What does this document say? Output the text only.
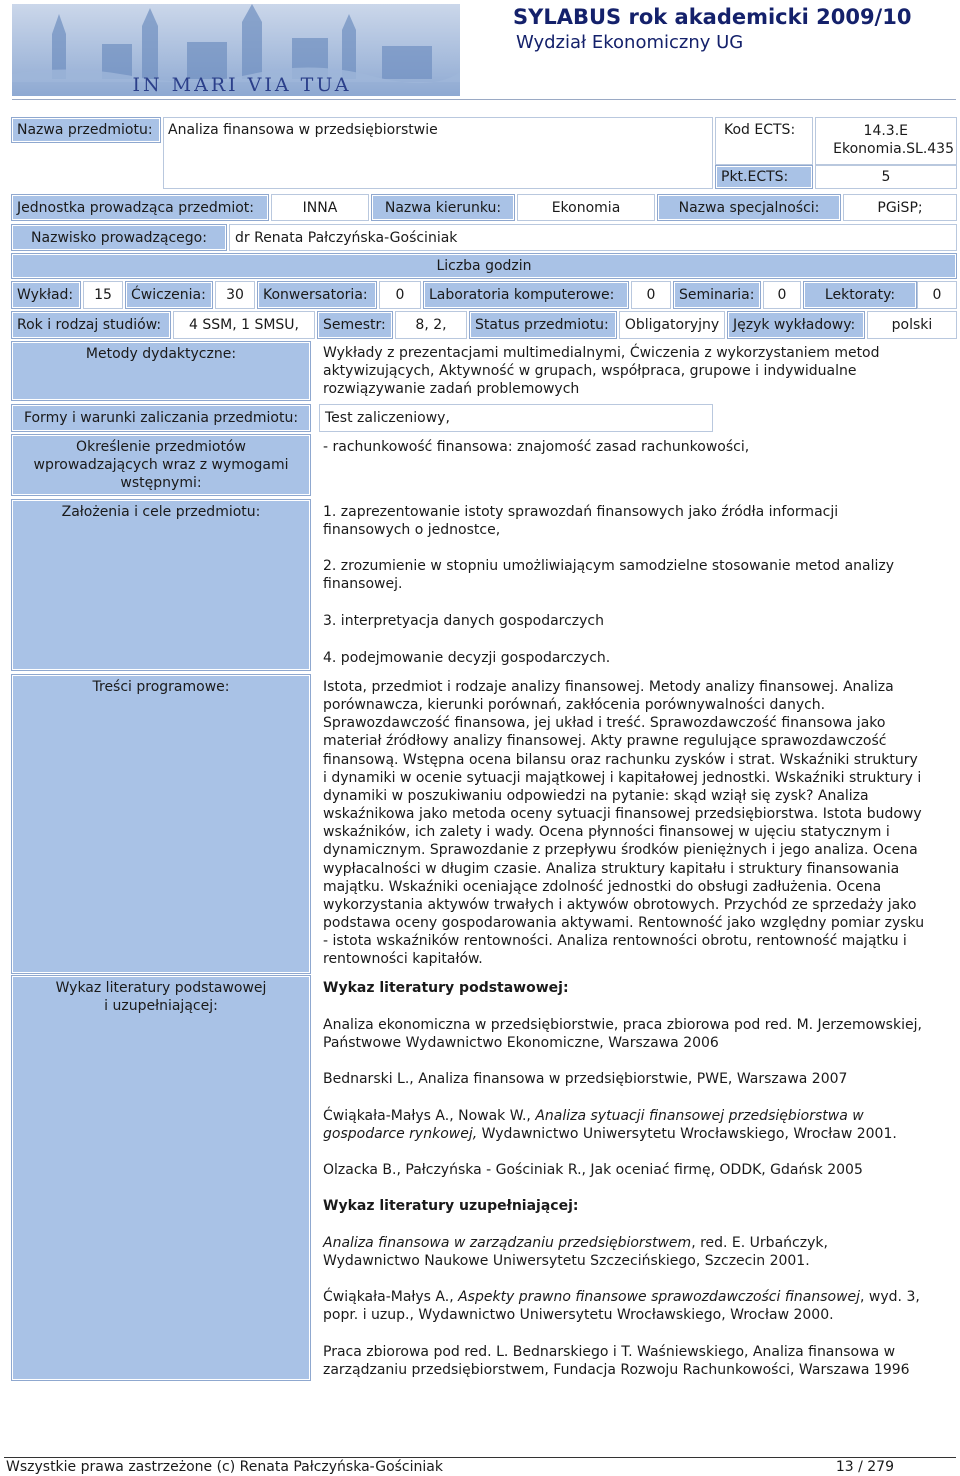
IN MARI VIA TUA
SYLABUS rok akademicki 2009/10
Wydział Ekonomiczny UG
Nazwa przedmiotu:	Analiza finansowa w przedsiębiorstwie	Kod ECTS:	14.3.E
Ekonomia.SL.435
Pkt.ECTS:	5
Jednostka prowadząca przedmiot:	INNA	Nazwa kierunku:	Ekonomia	Nazwa specjalności:	PGiSP;
Nazwisko prowadzącego:	dr Renata Pałczyńska-Gościniak
Liczba godzin
Wykład:	15	Ćwiczenia:	30	Konwersatoria:	0	Laboratoria komputerowe:	0	Seminaria:	0	Lektoraty:	0
Rok i rodzaj studiów:	4 SSM, 1 SMSU,	Semestr:	8, 2,	Status przedmiotu:	Obligatoryjny Język wykładowy:	polski
Metody dydaktyczne:	Wykłady z prezentacjami multimedialnymi, Ćwiczenia z wykorzystaniem metod
aktywizujących, Aktywność w grupach, współpraca, grupowe i indywidualne
rozwiązywanie zadań problemowych
Formy i warunki zaliczania przedmiotu:	Test zaliczeniowy,
Określenie przedmiotów
wprowadzających wraz z wymogami
wstępnymi:
- rachunkowość finansowa: znajomość zasad rachunkowości,
Założenia i cele przedmiotu:	1. zaprezentowanie istoty sprawozdań finansowych jako źródła informacji
finansowych o jednostce,
2. zrozumienie w stopniu umożliwiającym samodzielne stosowanie metod analizy
finansowej.
3. interpretyacja danych gospodarczych
4. podejmowanie decyzji gospodarczych.
Treści programowe:	Istota, przedmiot i rodzaje analizy finansowej. Metody analizy finansowej. Analiza
porównawcza, kierunki porównań, zakłócenia porównywalności danych.
Sprawozdawczość finansowa, jej układ i treść. Sprawozdawczość finansowa jako
materiał źródłowy analizy finansowej. Akty prawne regulujące sprawozdawczość
finansową. Wstępna ocena bilansu oraz rachunku zysków i strat. Wskaźniki struktury
i dynamiki w ocenie sytuacji majątkowej i kapitałowej jednostki. Wskaźniki struktury i
dynamiki w poszukiwaniu odpowiedzi na pytanie: skąd wziął się zysk? Analiza
wskaźnikowa jako metoda oceny sytuacji finansowej przedsiębiorstwa. Istota budowy
wskaźników, ich zalety i wady. Ocena płynności finansowej w ujęciu statycznym i
dynamicznym. Sprawozdanie z przepływu środków pieniężnych i jego analiza. Ocena
wypłacalności w długim czasie. Analiza struktury kapitału i struktury finansowania
majątku. Wskaźniki oceniające zdolność jednostki do obsługi zadłużenia. Ocena
wykorzystania aktywów trwałych i aktywów obrotowych. Przychód ze sprzedaży jako
podstawa oceny gospodarowania aktywami. Rentowność jako względny pomiar zysku
- istota wskaźników rentowności. Analiza rentowności obrotu, rentowność majątku i
rentowności kapitałów.
Wykaz literatury podstawowej
i uzupełniającej:
Wykaz literatury podstawowej:
Analiza ekonomiczna w przedsiębiorstwie, praca zbiorowa pod red. M. Jerzemowskiej,
Państwowe Wydawnictwo Ekonomiczne, Warszawa 2006
Bednarski L., Analiza finansowa w przedsiębiorstwie, PWE, Warszawa 2007
Ćwiąkała-Małys A., Nowak W., Analiza sytuacji finansowej przedsiębiorstwa w
gospodarce rynkowej, Wydawnictwo Uniwersytetu Wrocławskiego, Wrocław 2001.
Olzacka B., Pałczyńska - Gościniak R., Jak oceniać firmę, ODDK, Gdańsk 2005
Wykaz literatury uzupełniającej:
Analiza finansowa w zarządzaniu przedsiębiorstwem, red. E. Urbańczyk,
Wydawnictwo Naukowe Uniwersytetu Szczecińskiego, Szczecin 2001.
Ćwiąkała-Małys A., Aspekty prawno finansowe sprawozdawczości finansowej, wyd. 3,
popr. i uzup., Wydawnictwo Uniwersytetu Wrocławskiego, Wrocław 2000.
Praca zbiorowa pod red. L. Bednarskiego i T. Waśniewskiego, Analiza finansowa w
zarządzaniu przedsiębiorstwem, Fundacja Rozwoju Rachunkowości, Warszawa 1996
Wszystkie prawa zastrzeżone (c) Renata Pałczyńska-Gościniak	13 / 279
